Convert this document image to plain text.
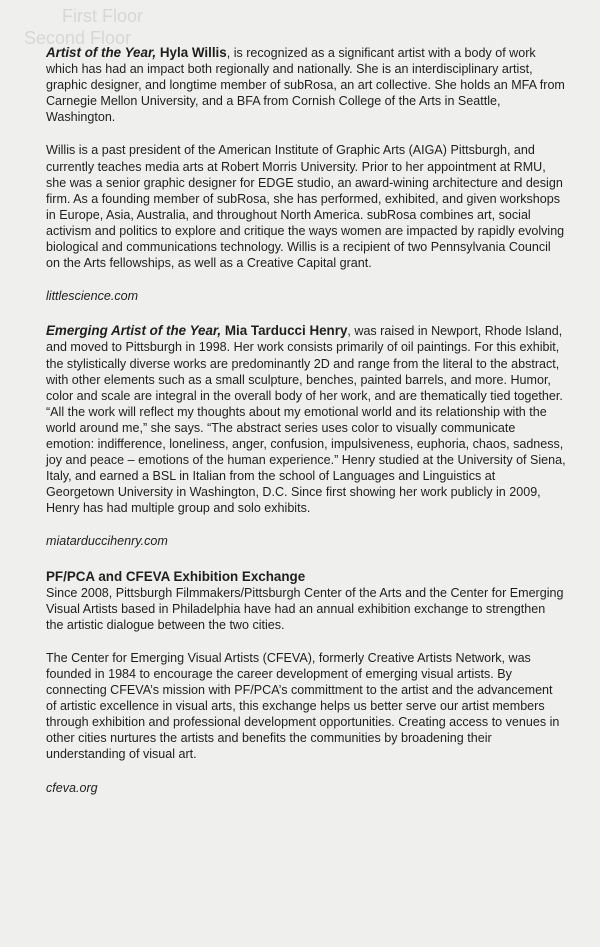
First Floor
Second Floor

Artist of the Year, Hyla Willis, is recognized as a significant artist with a body of work which has had an impact both regionally and nationally. She is an interdisciplinary artist, graphic designer, and longtime member of subRosa, an art collective. She holds an MFA from Carnegie Mellon University, and a BFA from Cornish College of the Arts in Seattle, Washington.

Willis is a past president of the American Institute of Graphic Arts (AIGA) Pittsburgh, and currently teaches media arts at Robert Morris University. Prior to her appointment at RMU, she was a senior graphic designer for EDGE studio, an award-wining architecture and design firm. As a founding member of subRosa, she has performed, exhibited, and given workshops in Europe, Asia, Australia, and throughout North America. subRosa combines art, social activism and politics to explore and critique the ways women are impacted by rapidly evolving biological and communications technology. Willis is a recipient of two Pennsylvania Council on the Arts fellowships, as well as a Creative Capital grant.

littlescience.com

Emerging Artist of the Year, Mia Tarducci Henry, was raised in Newport, Rhode Island, and moved to Pittsburgh in 1998. Her work consists primarily of oil paintings. For this exhibit, the stylistically diverse works are predominantly 2D and range from the literal to the abstract, with other elements such as a small sculpture, benches, painted barrels, and more. Humor, color and scale are integral in the overall body of her work, and are thematically tied together. “All the work will reflect my thoughts about my emotional world and its relationship with the world around me,” she says. “The abstract series uses color to visually communicate emotion: indifference, loneliness, anger, confusion, impulsiveness, euphoria, chaos, sadness, joy and peace – emotions of the human experience.” Henry studied at the University of Siena, Italy, and earned a BSL in Italian from the school of Languages and Linguistics at Georgetown University in Washington, D.C. Since first showing her work publicly in 2009, Henry has had multiple group and solo exhibits.

miatarduccihenry.com

PF/PCA and CFEVA Exhibition Exchange

Since 2008, Pittsburgh Filmmakers/Pittsburgh Center of the Arts and the Center for Emerging Visual Artists based in Philadelphia have had an annual exhibition exchange to strengthen the artistic dialogue between the two cities.

The Center for Emerging Visual Artists (CFEVA), formerly Creative Artists Network, was founded in 1984 to encourage the career development of emerging visual artists. By connecting CFEVA’s mission with PF/PCA’s committment to the artist and the advancement of artistic excellence in visual arts, this exchange helps us better serve our artist members through exhibition and professional development opportunities. Creating access to venues in other cities nurtures the artists and benefits the communities by broadening their understanding of visual art.

cfeva.org
